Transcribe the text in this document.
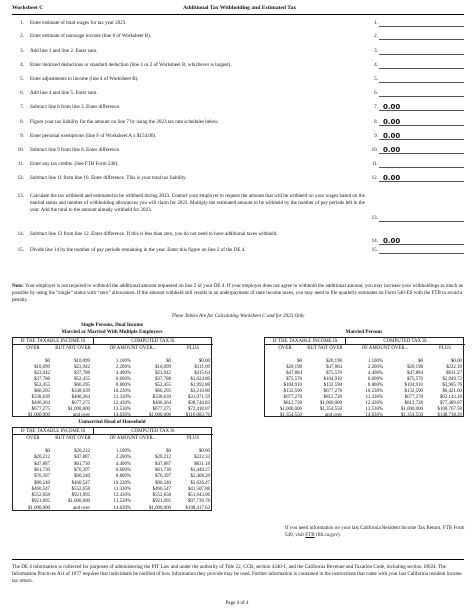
Worksheet C	Additional Tax Withholding and Estimated Tax
1. Enter estimate of total wages for tax year 2023.	1.
2. Enter estimate of nonwage income (line 6 of Worksheet B).	2.
3. Add line 1 and line 2. Enter sum.	3.
4. Enter itemized deductions or standard deduction (line 1 or 2 of Worksheet B, whichever is largest).	4.
5. Enter adjustments to income (line 4 of Worksheet B).	5.
6. Add line 4 and line 5. Enter sum.	6.
7. Subtract line 6 from line 3. Enter difference.	7. 0.00
8. Figure your tax liability for the amount on line 7 by using the 2023 tax rate schedules below.	8. 0.00
9. Enter personal exemptions (line F of Worksheet A x $154.00).	9. 0.00
10. Subtract line 9 from line 8. Enter difference.	10. 0.00
11. Enter any tax credits. (See FTB Form 540).	11.
12. Subtract line 11 from line 10. Enter difference. This is your total tax liability.	12. 0.00
13. Calculate the tax withheld and estimated to be withheld during 2023. Contact your employer to request the amount that will be withheld on your wages based on the marital status and number of withholding allowances you will claim for 2023. Multiply the estimated amount to be withheld by the number of pay periods left in the year. Add the total to the amount already withheld for 2023.
13.
14. Subtract line 13 from line 12. Enter difference. If this is less than zero, you do not need to have additional taxes withheld.
14. 0.00
15. Divide line 14 by the number of pay periods remaining in the year. Enter this figure on line 2 of the DE 4.	15.
Note: Your employer is not required to withhold the additional amount requested on line 2 of your DE 4. If your employer does not agree to withhold the additional amount, you may increase your withholdings as much as possible by using the “single” status with “zero” allowances. If the amount withheld still results in an underpayment of state income taxes, you may need to file quarterly estimates on Form 540-ES with the FTB to avoid a penalty.
These Tables Are for Calculating Worksheet C and for 2023 Only
Single Persons, Dual Income
Married or Married With Multiple Employers
IF THE TAXABLE INCOME IS	COMPUTED TAX IS
OVER	BUT NOT OVER	OF AMOUNT OVER...	PLUS
$0	$10,099	1.100%	$0	$0.00
$10,099	$23,942	2.200%	$10,099	$111.09
$23,942	$37,788	4.400%	$23,942	$415.64
$37,788	$52,455	6.600%	$37,788	$1,024.86
$52,455	$66,295	8.800%	$52,455	$1,992.88
$66,295	$338,639	10.230%	$66,295	$3,210.80
$338,639	$406,364	11.330%	$338,639	$31,071.59
$406,364	$677,275	12.430%	$406,364	$38,744.83
$677,275	$1,000,000	13.530%	$677,275	$72,418.07
$1,000,000	and over	14.630%	$1,000,000	$116,083.76
Married Persons
IF THE TAXABLE INCOME IS	COMPUTED TAX IS
OVER	BUT NOT OVER	OF AMOUNT OVER...	PLUS
$0	$20,198	1.100%	$0	$0.00
$20,198	$47,884	2.200%	$20,198	$222.18
$47,884	$75,576	4.400%	$47,884	$831.27
$75,576	$104,910	6.600%	$75,576	$2,049.72
$104,910	$132,590	8.800%	$104,910	$3,985.76
$132,590	$677,278	10.230%	$132,590	$6,421.60
$677,278	$812,728	11.330%	$677,278	$62,143.18
$812,728	$1,000,000	12.430%	$812,728	$77,489.67
$1,000,000	$1,354,550	13.530%	$1,000,000	$100,767.58
$1,354,550	and over	14.630%	$1,354,550	$148,738.20
Unmarried Head of Household
IF THE TAXABLE INCOME IS	COMPUTED TAX IS
OVER	BUT NOT OVER	OF AMOUNT OVER...	PLUS
$0	$20,212	1.100%	$0	$0.00
$20,212	$47,887	2.200%	$20,212	$222.33
$47,887	$61,730	4.400%	$47,887	$831.18
$61,730	$76,397	6.600%	$61,730	$1,440.27
$76,397	$90,240	8.800%	$76,397	$2,408.29
$90,240	$460,547	10.230%	$90,240	$3,626.47
$460,547	$552,658	11.330%	$460,547	$41,507.88
$552,658	$921,095	12.430%	$552,658	$51,943.06
$921,095	$1,000,000	13.530%	$921,095	$97,739.78
$1,000,000	and over	14.630%	$1,000,000	$108,417.63
If you need information on your last California Resident Income Tax Return, FTB Form 540, visit FTB (ftb.ca.gov).
The DE 4 information is collected for purposes of administering the PIT Law and under the authority of Title 22, CCR, section 4340-1, and the California Revenue and Taxation Code, including section 18624. The Information Practices Act of 1977 requires that individuals be notified of how information they provide may be used. Further information is contained in the instructions that came with your last California resident income tax return.
Page 4 of 4
